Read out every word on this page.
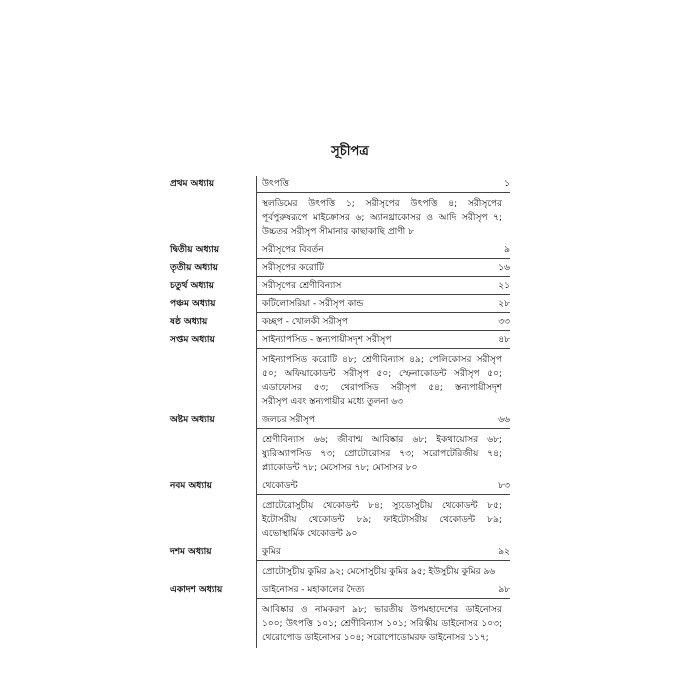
সূচীপত্র
প্রথম অধ্যায়	উৎপত্তি	১
স্থলডিমের উৎপত্তি ১; সরীসৃপের উৎপত্তি ৪; সরীসৃপের
পূর্বপুরুষরূপে মাইক্রোসর ৬; অ্যানথ্রাকোসর ও আদি সরীসৃপ ৭;
উচ্চতর সরীসৃপ সীমানার কাছাকাছি প্রাণী ৮
দ্বিতীয় অধ্যায়	সরীসৃপের বিবর্তন	৯
তৃতীয় অধ্যায়	সরীসৃপের করোটি	১৬
চতুর্থ অধ্যায়	সরীসৃপের শ্রেণীবিন্যাস	২১
পঞ্চম অধ্যায়	কটিলোসরিয়া - সরীসৃপ কান্ড	২৮
ষষ্ঠ অধ্যায়	কচ্ছপ - খোলকী সরীসৃপ	৩৩
সপ্তম অধ্যায়	সাইন্যাপসিড - স্তন্যপায়ীসদৃশ সরীসৃপ	৪৮
সাইন্যাপসিড করোটি ৪৮; শ্রেণীবিন্যাস ৪৯; পেলিকোসর সরীসৃপ
৫০; অফিয়াকোডন্ট সরীসৃপ ৫০; স্ফেনাকোডন্ট সরীসৃপ ৫০;
এডাফোসর ৫৩; থেরাপসিড সরীসৃপ ৫৪; স্তন্যপায়ীসদৃশ
সরীসৃপ এবং স্তন্যপায়ীর মধ্যে তুলনা ৬৩
অষ্টম অধ্যায়	জলচর সরীসৃপ	৬৬
শ্রেণীবিন্যাস ৬৬; জীবাশ্ম আবিষ্কার ৬৮; ইকথায়োসর ৬৮;
ষ্যুরিঅ্যাপসিড ৭৩; প্রোটোরোসর ৭৩; সরোপটেরিজীয় ৭৪;
প্ল্যাকোডন্ট ৭৮; মেসোসর ৭৮; মোসাসর ৮০
নবম অধ্যায়	থেকোডন্ট	৮৩
প্রোটেরোসুচীয় থেকোডন্ট ৮৪; স্যুডোসুচীয় থেকোডন্ট ৮৫;
ইটোসরীয় থেকোডন্ট ৮৯; ফাইটোসরীয় থেকোডন্ট ৮৯;
এভোস্থার্মিক থেকোডন্ট ৯০
দশম অধ্যায়	কুমির	৯২
প্রোটোসুচীয় কুমির ৯২; মেসোসুচীয় কুমির ৯৫; ইউসুচীয় কুমির ৯৬
একাদশ অধ্যায়	ডাইনোসর - মহাকালের দৈত্য	৯৮
আবিষ্কার ও নামকরণ ৯৮; ভারতীয় উপমহাদেশের ডাইনোসর
১০০; উৎপত্তি ১০১; শ্রেণীবিন্যাস ১০১; সরিস্কীয় ডাইনোসর ১০৩;
থেরোপোড ডাইনোসর ১০৪; সরোপোডোমরফ ডাইনোসর ১১৭;
